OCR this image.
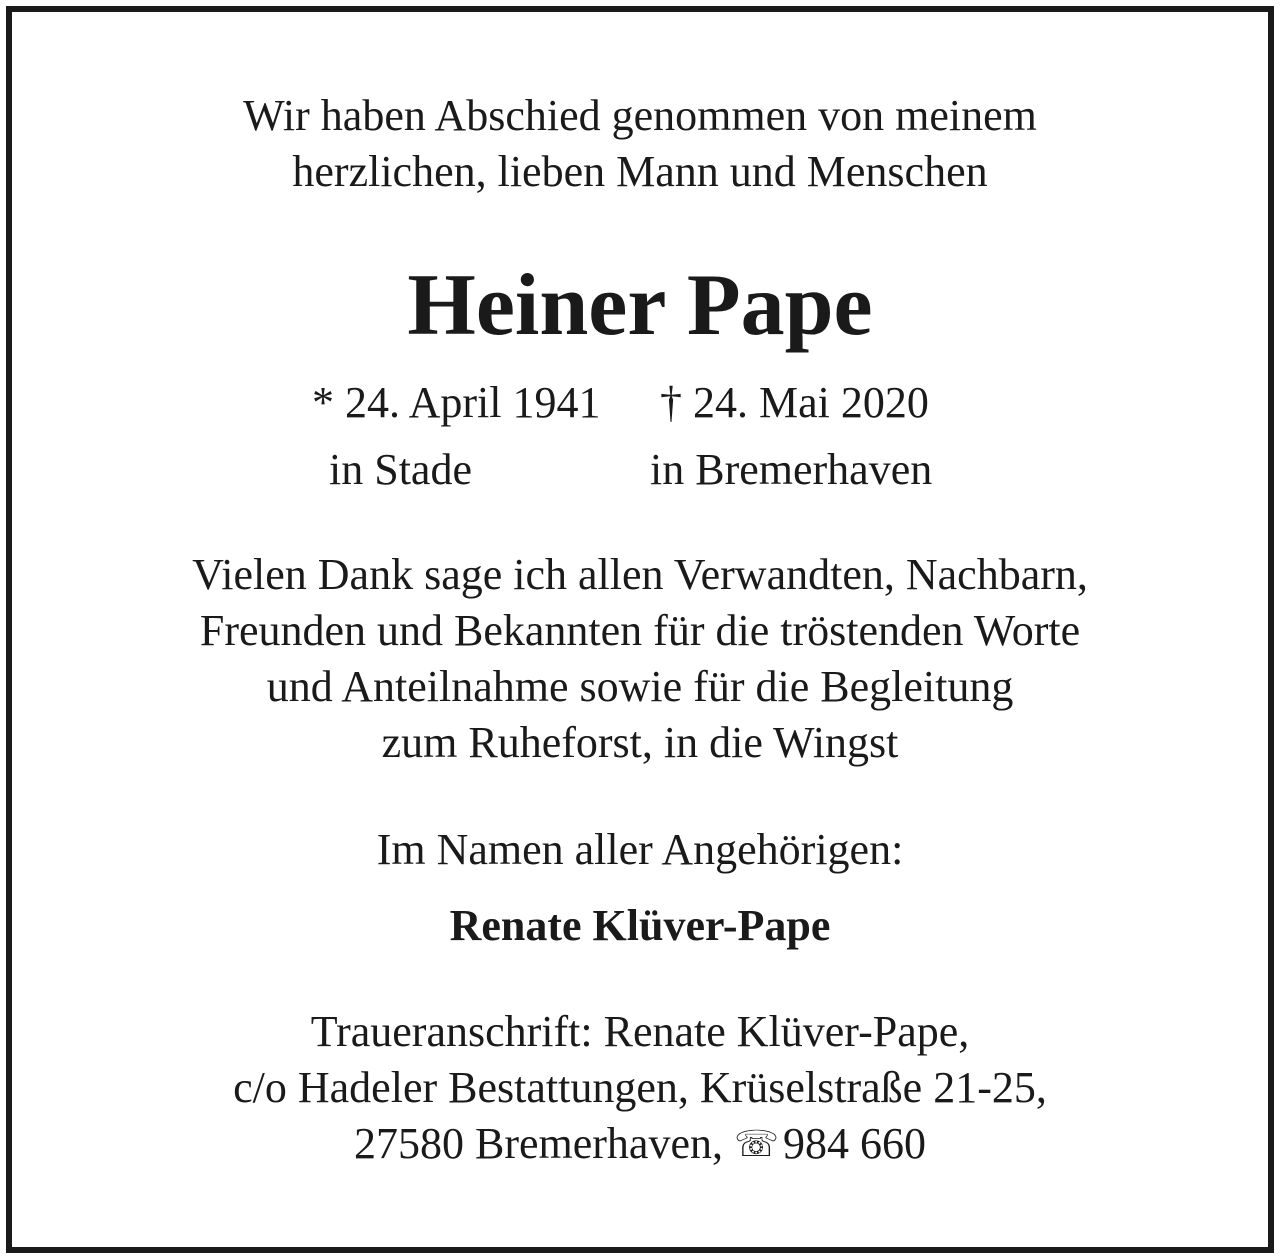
Wir haben Abschied genommen von meinem
herzlichen, lieben Mann und Menschen
Heiner Pape
* 24. April 1941 † 24. Mai 2020
in Stade	in Bremerhaven
Vielen Dank sage ich allen Verwandten, Nachbarn,
Freunden und Bekannten für die tröstenden Worte
und Anteilnahme sowie für die Begleitung
zum Ruheforst, in die Wingst
Im Namen aller Angehörigen:
Renate Klüver-Pape
Traueranschrift: Renate Klüver-Pape,
c/o Hadeler Bestattungen, Krüselstraße 21-25,
27580 Bremerhaven, ☏984 660
